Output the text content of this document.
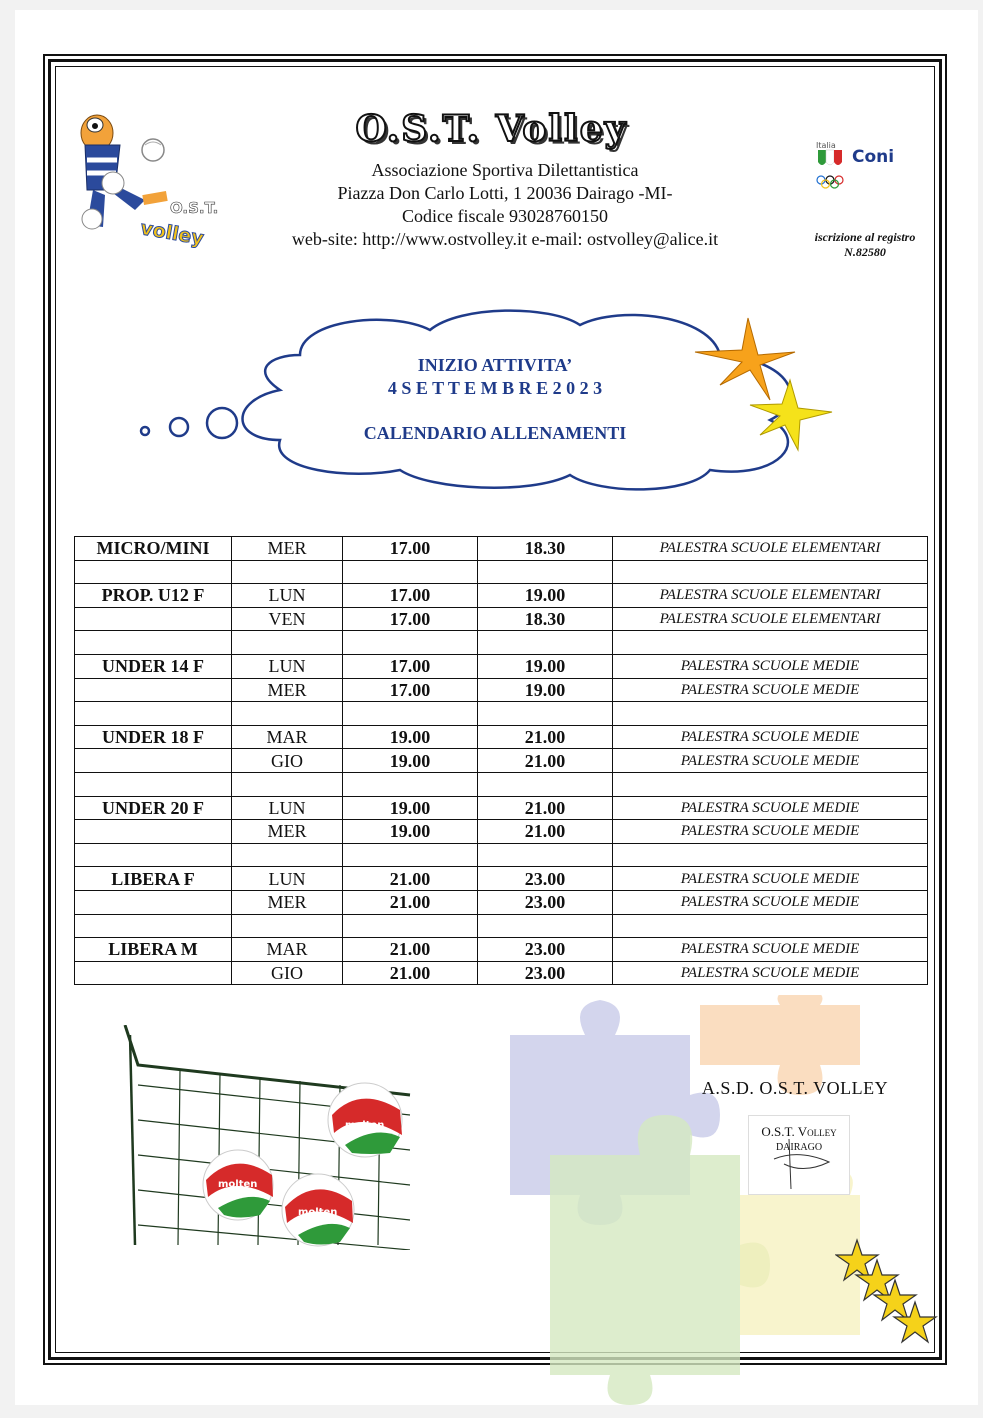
O.S.T.
volley
O.S.T. Volley
Associazione Sportiva Dilettantistica
Piazza Don Carlo Lotti, 1 20036 Dairago -MI-
Codice fiscale 93028760150
web-site: http://www.ostvolley.it e-mail: ostvolley@alice.it
Italia
Coni
iscrizione al registro
N.82580
INIZIO ATTIVITA’
4 S E T T E M B R E 2 0 2 3
CALENDARIO ALLENAMENTI
MICRO/MINI	MER	17.00	18.30	PALESTRA SCUOLE ELEMENTARI

PROP. U12 F	LUN	17.00	19.00	PALESTRA SCUOLE ELEMENTARI
	VEN	17.00	18.30	PALESTRA SCUOLE ELEMENTARI

UNDER 14 F	LUN	17.00	19.00	PALESTRA SCUOLE MEDIE
	MER	17.00	19.00	PALESTRA SCUOLE MEDIE

UNDER 18 F	MAR	19.00	21.00	PALESTRA SCUOLE MEDIE
	GIO	19.00	21.00	PALESTRA SCUOLE MEDIE

UNDER 20 F	LUN	19.00	21.00	PALESTRA SCUOLE MEDIE
	MER	19.00	21.00	PALESTRA SCUOLE MEDIE

LIBERA F	LUN	21.00	23.00	PALESTRA SCUOLE MEDIE
	MER	21.00	23.00	PALESTRA SCUOLE MEDIE

LIBERA M	MAR	21.00	23.00	PALESTRA SCUOLE MEDIE
	GIO	21.00	23.00	PALESTRA SCUOLE MEDIE
molten
molten
molten
A.S.D. O.S.T. VOLLEY
O.S.T. Volley
DAIRAGO
